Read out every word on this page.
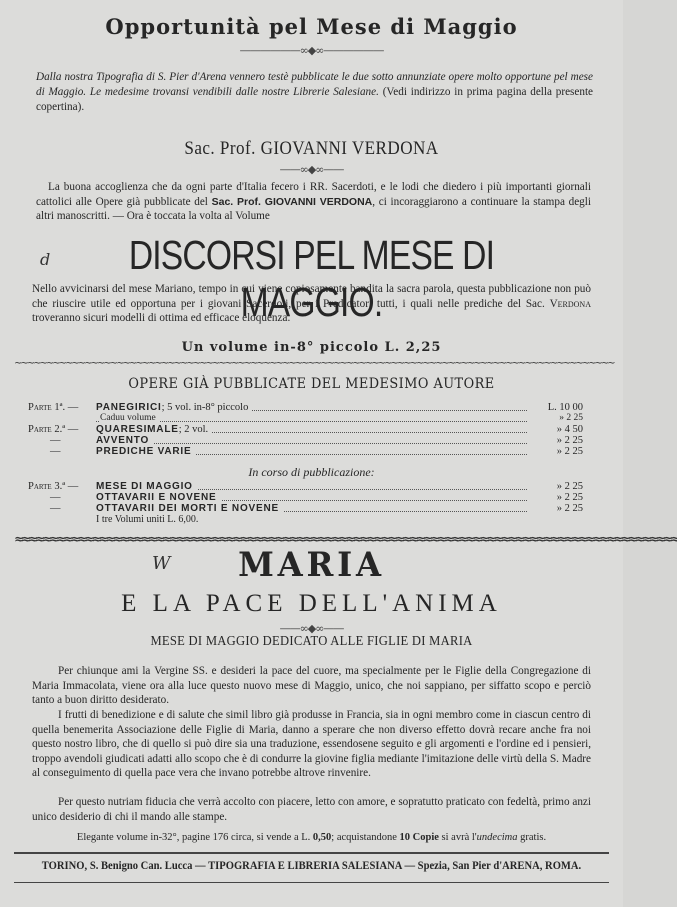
Opportunità pel Mese di Maggio
——————∞◆∞——————
Dalla nostra Tipografia di S. Pier d'Arena vennero testè pubblicate le due sotto annunziate opere molto opportune pel mese di Maggio. Le medesime trovansi vendibili dalle nostre Librerie Salesiane. (Vedi indirizzo in prima pagina della presente copertina).
Sac. Prof. GIOVANNI VERDONA
——∞◆∞——
La buona accoglienza che da ogni parte d'Italia fecero i RR. Sacerdoti, e le lodi che diedero i più importanti giornali cattolici alle Opere già pubblicate del Sac. Prof. GIOVANNI VERDONA, ci incoraggiarono a continuare la stampa degli altri manoscritti. — Ora è toccata la volta al Volume
d	DISCORSI PEL MESE DI MAGGIO.
Nello avvicinarsi del mese Mariano, tempo in cui viene copiosamente bandita la sacra parola, questa pubblicazione non può che riuscire utile ed opportuna per i giovani Sacerdoti, per i Predicatori tutti, i quali nelle prediche del Sac. Verdona troveranno sicuri modelli di ottima ed efficace eloquenza.
Un volume in-8° piccolo L. 2,25
∼∼∼∼∼∼∼∼∼∼∼∼∼∼∼∼∼∼∼∼∼∼∼∼∼∼∼∼∼∼∼∼∼∼∼∼∼∼∼∼∼∼∼∼∼∼∼∼∼∼∼∼∼∼∼∼∼∼∼∼∼∼∼∼∼∼∼∼∼∼∼∼∼∼∼∼∼∼∼∼∼∼∼∼∼∼∼∼∼∼∼∼∼∼
OPERE GIÀ PUBBLICATE DEL MEDESIMO AUTORE
Parte 1ª. —	PANEGIRICI; 5 vol. in-8° piccolo	L. 10 00
Caduu volume	» 2 25
Parte 2.ª —	QUARESIMALE; 2 vol.	» 4 50
—	AVVENTO	» 2 25
—	PREDICHE VARIE	» 2 25
In corso di pubblicazione:
Parte 3.ª —	MESE DI MAGGIO	» 2 25
—	OTTAVARII E NOVENE	» 2 25
—	OTTAVARII DEI MORTI E NOVENE	» 2 25
I tre Volumi uniti L. 6,00.
≈≈≈≈≈≈≈≈≈≈≈≈≈≈≈≈≈≈≈≈≈≈≈≈≈≈≈≈≈≈≈≈≈≈≈≈≈≈≈≈≈≈≈≈≈≈≈≈≈≈≈≈≈≈≈≈≈≈≈≈≈≈≈≈≈≈≈≈≈≈≈≈≈≈≈≈≈≈≈≈≈≈≈≈≈≈≈≈≈≈≈≈≈≈
W	MARIA
E LA PACE DELL'ANIMA
——∞◆∞——
MESE DI MAGGIO DEDICATO ALLE FIGLIE DI MARIA
Per chiunque ami la Vergine SS. e desideri la pace del cuore, ma specialmente per le Figlie della Congregazione di Maria Immacolata, viene ora alla luce questo nuovo mese di Maggio, unico, che noi sappiano, per siffatto scopo e perciò tanto a buon diritto desiderato.
I frutti di benedizione e di salute che simil libro già produsse in Francia, sia in ogni membro come in ciascun centro di quella benemerita Associazione delle Figlie di Maria, danno a sperare che non diverso effetto dovrà recare anche fra noi questo nostro libro, che di quello si può dire sia una traduzione, essendosene seguito e gli argomenti e l'ordine ed i pensieri, troppo avendoli giudicati adatti allo scopo che è di condurre la giovine figlia mediante l'imitazione delle virtù della S. Madre al conseguimento di quella pace vera che invano potrebbe altrove rinvenire.
Per questo nutriam fiducia che verrà accolto con piacere, letto con amore, e sopratutto praticato con fedeltà, primo anzi unico desiderio di chi il mando alle stampe.
Elegante volume in-32°, pagine 176 circa, si vende a L. 0,50; acquistandone 10 Copie si avrà l'undecima gratis.
TORINO, S. Benigno Can. Lucca — TIPOGRAFIA E LIBRERIA SALESIANA — Spezia, San Pier d'ARENA, ROMA.
